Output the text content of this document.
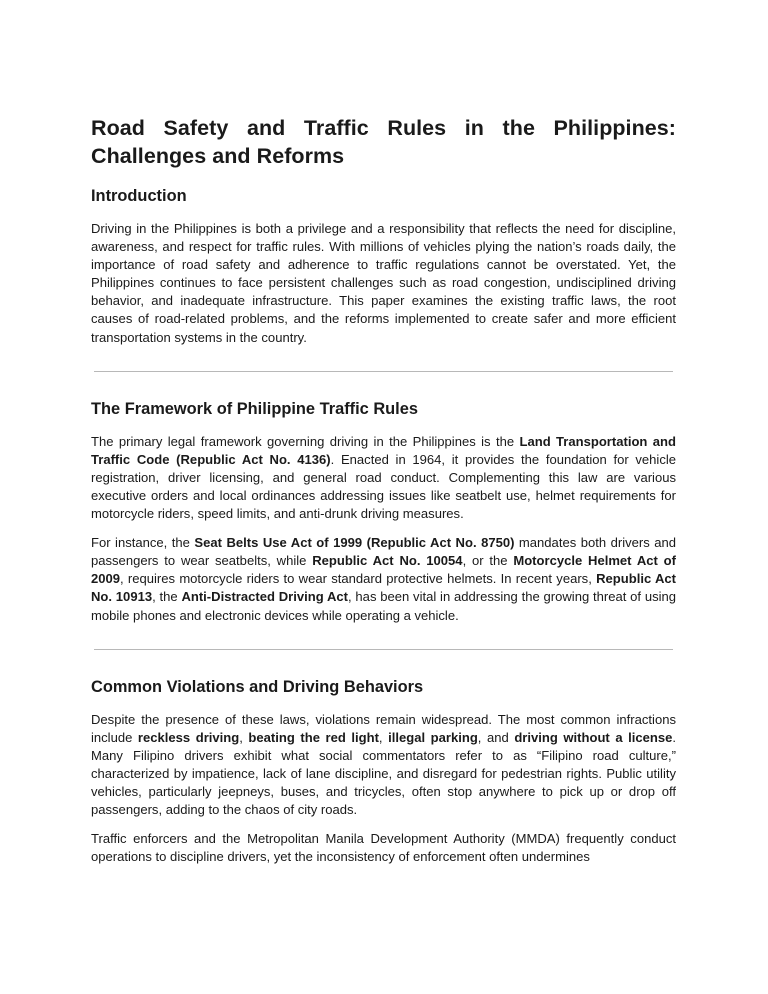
Road Safety and Traffic Rules in the Philippines: Challenges and Reforms
Introduction

Driving in the Philippines is both a privilege and a responsibility that reflects the need for discipline, awareness, and respect for traffic rules. With millions of vehicles plying the nation’s roads daily, the importance of road safety and adherence to traffic regulations cannot be overstated. Yet, the Philippines continues to face persistent challenges such as road congestion, undisciplined driving behavior, and inadequate infrastructure. This paper examines the existing traffic laws, the root causes of road-related problems, and the reforms implemented to create safer and more efficient transportation systems in the country.

The Framework of Philippine Traffic Rules

The primary legal framework governing driving in the Philippines is the Land Transportation and Traffic Code (Republic Act No. 4136). Enacted in 1964, it provides the foundation for vehicle registration, driver licensing, and general road conduct. Complementing this law are various executive orders and local ordinances addressing issues like seatbelt use, helmet requirements for motorcycle riders, speed limits, and anti-drunk driving measures.

For instance, the Seat Belts Use Act of 1999 (Republic Act No. 8750) mandates both drivers and passengers to wear seatbelts, while Republic Act No. 10054, or the Motorcycle Helmet Act of 2009, requires motorcycle riders to wear standard protective helmets. In recent years, Republic Act No. 10913, the Anti-Distracted Driving Act, has been vital in addressing the growing threat of using mobile phones and electronic devices while operating a vehicle.

Common Violations and Driving Behaviors

Despite the presence of these laws, violations remain widespread. The most common infractions include reckless driving, beating the red light, illegal parking, and driving without a license. Many Filipino drivers exhibit what social commentators refer to as “Filipino road culture,” characterized by impatience, lack of lane discipline, and disregard for pedestrian rights. Public utility vehicles, particularly jeepneys, buses, and tricycles, often stop anywhere to pick up or drop off passengers, adding to the chaos of city roads.

Traffic enforcers and the Metropolitan Manila Development Authority (MMDA) frequently conduct operations to discipline drivers, yet the inconsistency of enforcement often undermines
